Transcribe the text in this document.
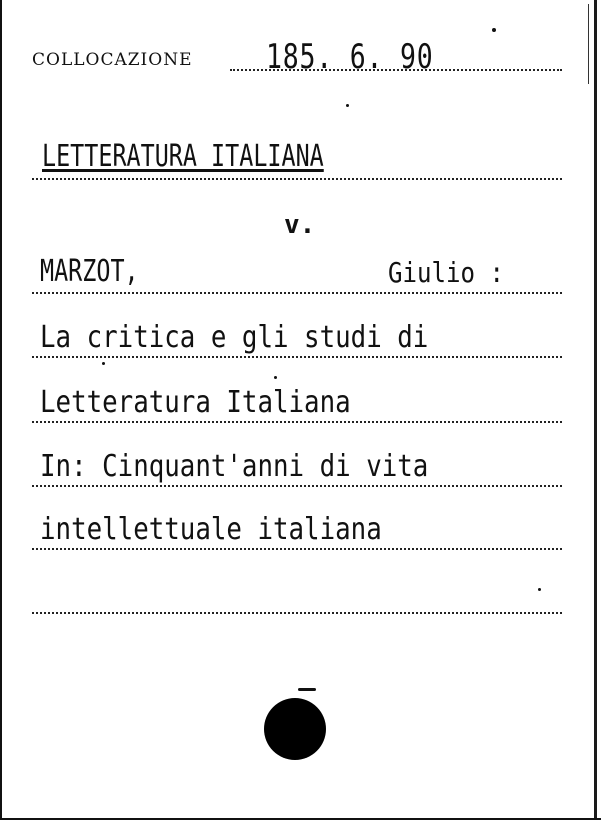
COLLOCAZIONE 185. 6. 90
LETTERATURA ITALIANA
v.
MARZOT,	Giulio :
La critica e gli studi di
Letteratura Italiana
In: Cinquant'anni di vita
intellettuale italiana
